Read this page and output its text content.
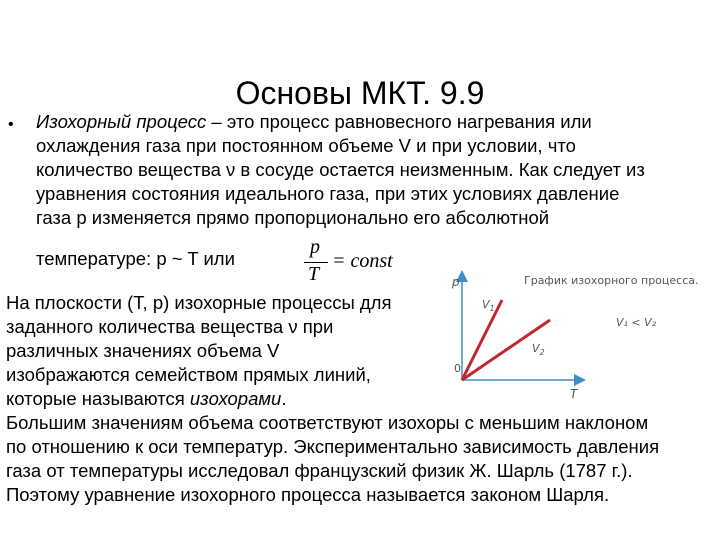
Основы МКТ. 9.9
• Изохорный процесс – это процесс равновесного нагревания или
охлаждения газа при постоянном объеме V и при условии, что
количество вещества ν в сосуде остается неизменным. Как следует из
уравнения состояния идеального газа, при этих условиях давление
газа p изменяется прямо пропорционально его абсолютной
температуре: p ~ T или
p
T
= const
На плоскости (T, p) изохорные процессы для
заданного количества вещества ν при
различных значениях объема V
изображаются семейством прямых линий,
которые называются изохорами.
Большим значениям объема соответствуют изохоры с меньшим наклоном
по отношению к оси температур. Экспериментально зависимость давления
газа от температуры исследовал французский физик Ж. Шарль (1787 г.).
Поэтому уравнение изохорного процесса называется законом Шарля.
p
0
T
График изохорного процесса.
$V_1$
$V_2$
V₁ < V₂
